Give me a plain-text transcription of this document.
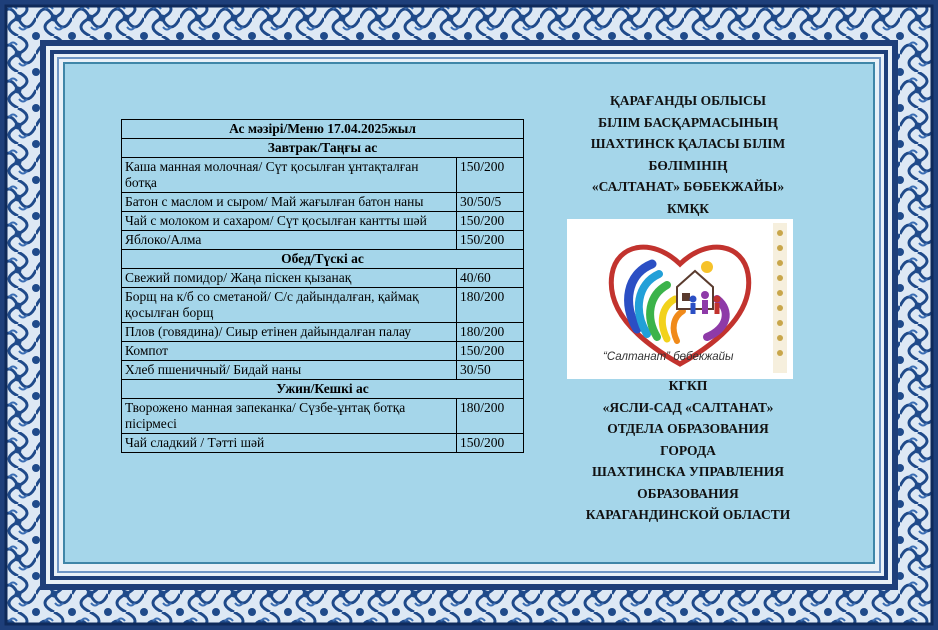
Ас мәзірі/Меню 17.04.2025жыл	
Завтрак/Таңғы ас	
Каша манная молочная/ Сүт қосылған ұнтақталған ботқа	150/200
Батон с маслом и сыром/ Май жағылған батон наны	30/50/5
Чай с молоком и сахаром/ Сүт қосылған кантты шәй	150/200
Яблоко/Алма	150/200
Обед/Түскі ас	
Свежий помидор/ Жаңа піскен қызанақ	40/60
Борщ на к/б со сметаной/ С/с дайындалған, қаймақ қосылған борщ	180/200
Плов (говядина)/ Сиыр етінен дайындалған палау	180/200
Компот	150/200
Хлеб пшеничный/ Бидай наны	30/50
Ужин/Кешкі ас	
Твороженo манная запеканка/ Сүзбе-ұнтақ ботқа пісірмесі	180/200
Чай сладкий / Тәтті шәй	150/200
ҚАРАҒАНДЫ ОБЛЫСЫ
БІЛІМ БАСҚАРМАСЫНЫҢ
ШАХТИНСК ҚАЛАСЫ БІЛІМ
БӨЛІМІНІҢ
«САЛТАНАТ» БӨБЕКЖАЙЫ»
КМҚК
“Салтанат” бөбекжайы
КГКП
«ЯСЛИ-САД «САЛТАНАТ»
ОТДЕЛА ОБРАЗОВАНИЯ
ГОРОДА
ШАХТИНСКА УПРАВЛЕНИЯ
ОБРАЗОВАНИЯ
КАРАГАНДИНСКОЙ ОБЛАСТИ
